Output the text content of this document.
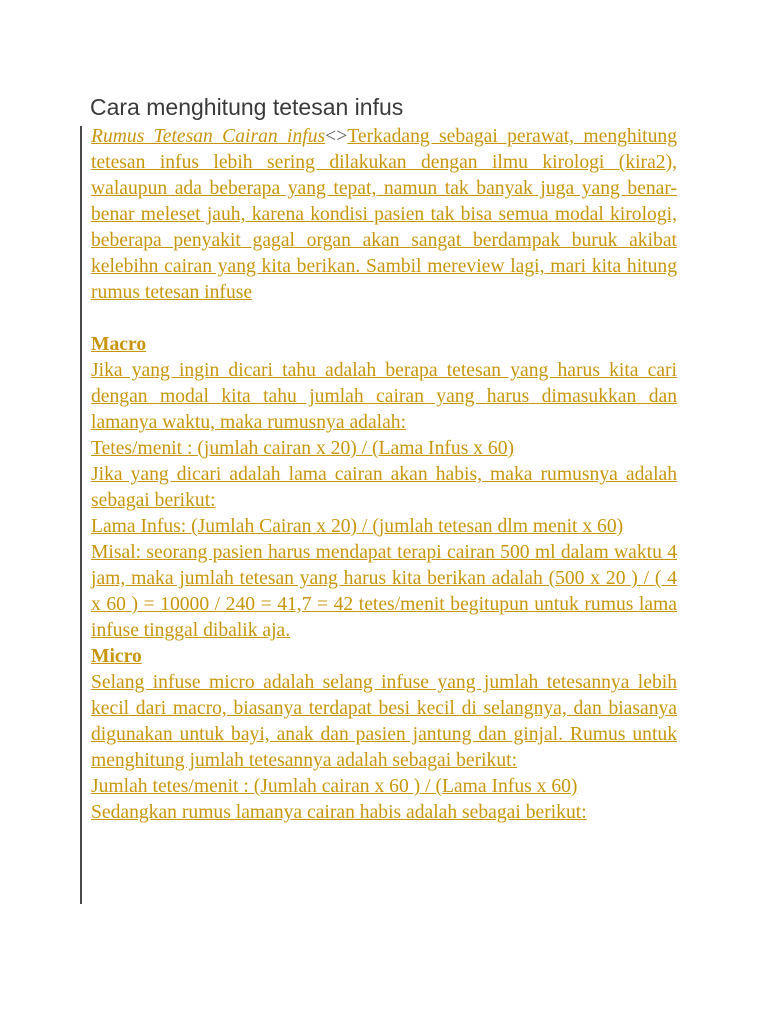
Cara menghitung tetesan infus

Rumus Tetesan Cairan infus<>Terkadang sebagai perawat, menghitung tetesan infus lebih sering dilakukan dengan ilmu kirologi (kira2), walaupun ada beberapa yang tepat, namun tak banyak juga yang benar-benar meleset jauh, karena kondisi pasien tak bisa semua modal kirologi, beberapa penyakit gagal organ akan sangat berdampak buruk akibat kelebihn cairan yang kita berikan. Sambil mereview lagi, mari kita hitung rumus tetesan infuse

Macro

Jika yang ingin dicari tahu adalah berapa tetesan yang harus kita cari dengan modal kita tahu jumlah cairan yang harus dimasukkan dan lamanya waktu, maka rumusnya adalah:

Tetes/menit : (jumlah cairan x 20) / (Lama Infus x 60)

Jika yang dicari adalah lama cairan akan habis, maka rumusnya adalah sebagai berikut:

Lama Infus: (Jumlah Cairan x 20) / (jumlah tetesan dlm menit x 60)

Misal: seorang pasien harus mendapat terapi cairan 500 ml dalam waktu 4 jam, maka jumlah tetesan yang harus kita berikan adalah (500 x 20 ) / ( 4 x 60 ) = 10000 / 240 = 41,7 = 42 tetes/menit begitupun untuk rumus lama infuse tinggal dibalik aja.

Micro

Selang infuse micro adalah selang infuse yang jumlah tetesannya lebih kecil dari macro, biasanya terdapat besi kecil di selangnya, dan biasanya digunakan untuk bayi, anak dan pasien jantung dan ginjal. Rumus untuk menghitung jumlah tetesannya adalah sebagai berikut:

Jumlah tetes/menit : (Jumlah cairan x 60 ) / (Lama Infus x 60)

Sedangkan rumus lamanya cairan habis adalah sebagai berikut:
